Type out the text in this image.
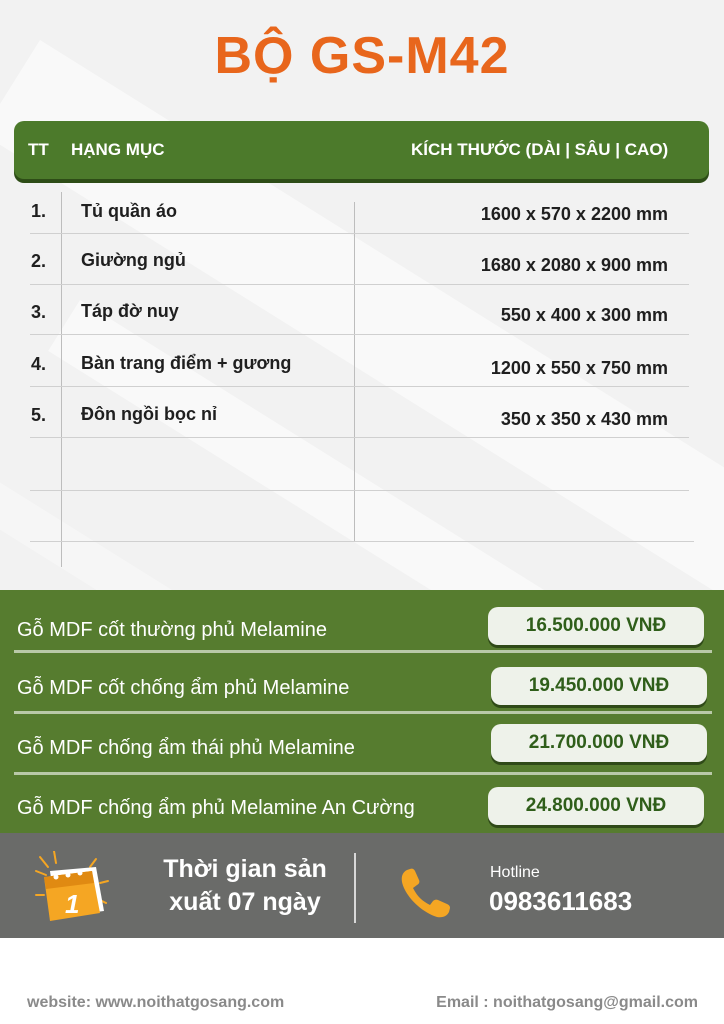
BỘ GS-M42
TT HẠNG MỤC	KÍCH THƯỚC (DÀI | SÂU | CAO)
1. Tủ quần áo	1600 x 570 x 2200 mm
2. Giường ngủ	1680 x 2080 x 900 mm
3. Táp đờ nuy	550 x 400 x 300 mm
4. Bàn trang điểm + gương	1200 x 550 x 750 mm
5. Đôn ngồi bọc nỉ	350 x 350 x 430 mm
Gỗ MDF cốt thường phủ Melamine	16.500.000 VNĐ
Gỗ MDF cốt chống ẩm phủ Melamine	19.450.000 VNĐ
Gỗ MDF chống ẩm thái phủ Melamine	21.700.000 VNĐ
Gỗ MDF chống ẩm phủ Melamine An Cường	24.800.000 VNĐ
1
Thời gian sản
xuất 07 ngày
Hotline
0983611683
website: www.noithatgosang.com	Email : noithatgosang@gmail.com
